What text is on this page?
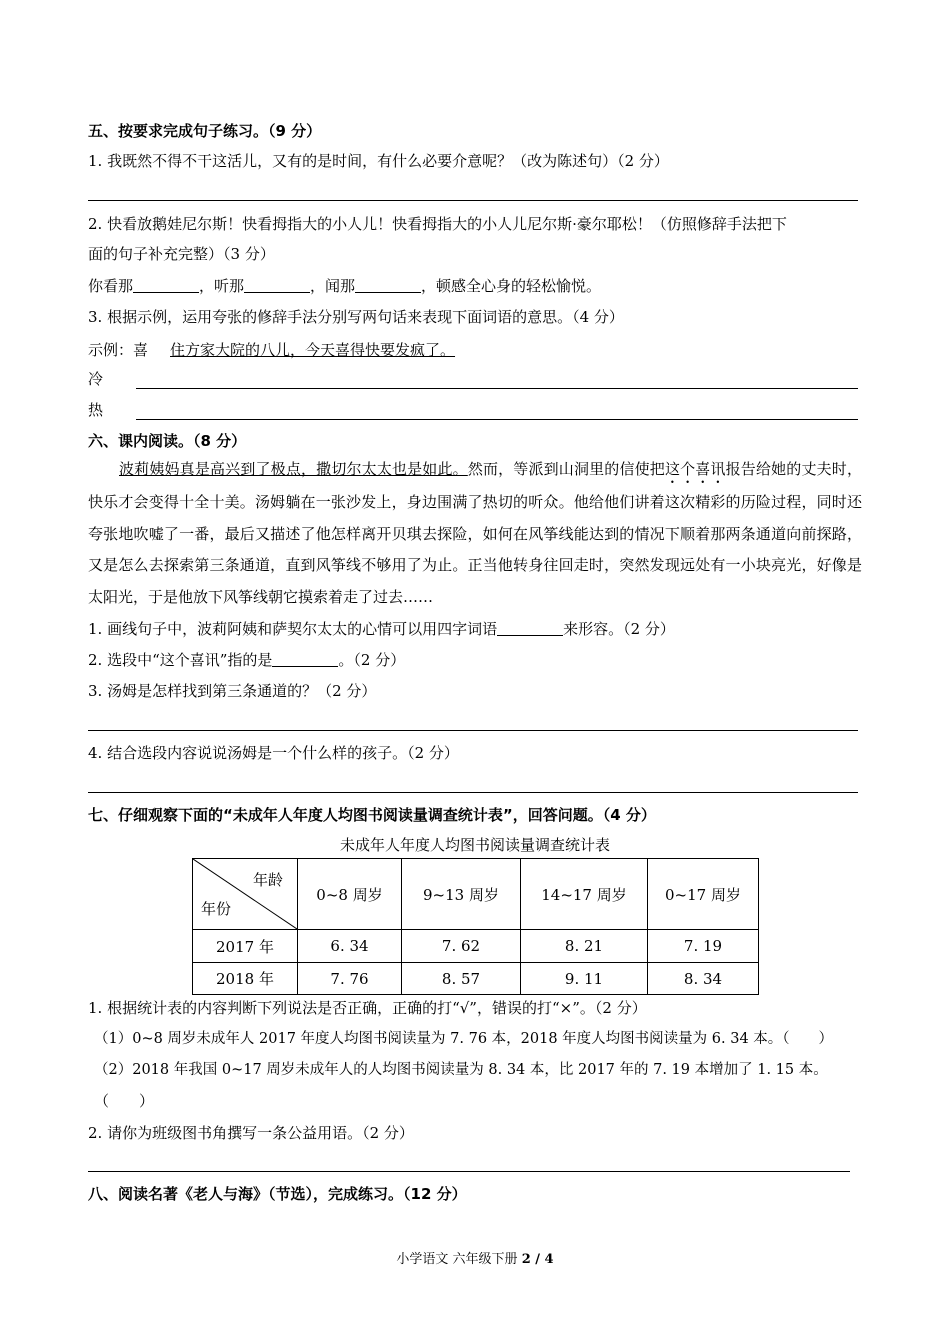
五、按要求完成句子练习。（9 分）
1. 我既然不得不干这活儿，又有的是时间，有什么必要介意呢？（改为陈述句）（2 分）
2. 快看放鹅娃尼尔斯！快看拇指大的小人儿！快看拇指大的小人儿尼尔斯·豪尔耶松！（仿照修辞手法把下
面的句子补充完整）（3 分）
你看那	，听那	，闻那	，顿感全心身的轻松愉悦。
3. 根据示例，运用夸张的修辞手法分别写两句话来表现下面词语的意思。（4 分）
示例：喜 住方家大院的八儿，今天喜得快要发疯了。
冷
热
六、课内阅读。（8 分）
波莉姨妈真是高兴到了极点，撒切尔太太也是如此。然而，等派到山洞里的信使把这个喜讯报告给她的丈夫时，快乐才会变得十全十美。汤姆躺在一张沙发上，身边围满了热切的听众。他给他们讲着这次精彩的历险过程，同时还夸张地吹嘘了一番，最后又描述了他怎样离开贝琪去探险，如何在风筝线能达到的情况下顺着那两条通道向前探路，又是怎么去探索第三条通道，直到风筝线不够用了为止。正当他转身往回走时，突然发现远处有一小块亮光，好像是太阳光，于是他放下风筝线朝它摸索着走了过去……
1. 画线句子中，波莉阿姨和萨契尔太太的心情可以用四字词语	来形容。（2 分）
2. 选段中“这个喜讯”指的是	。（2 分）
3. 汤姆是怎样找到第三条通道的？（2 分）
4. 结合选段内容说说汤姆是一个什么样的孩子。（2 分）
七、仔细观察下面的“未成年人年度人均图书阅读量调查统计表”，回答问题。（4 分）
未成年人年度人均图书阅读量调查统计表
年龄
年份	0~8 周岁	9~13 周岁	14~17 周岁	0~17 周岁
2017 年	6. 34	7. 62	8. 21	7. 19
2018 年	7. 76	8. 57	9. 11	8. 34
1. 根据统计表的内容判断下列说法是否正确，正确的打“√”，错误的打“×”。（2 分）
（1）0~8 周岁未成年人 2017 年度人均图书阅读量为 7. 76 本，2018 年度人均图书阅读量为 6. 34 本。（　　）
（2）2018 年我国 0~17 周岁未成年人的人均图书阅读量为 8. 34 本，比 2017 年的 7. 19 本增加了 1. 15 本。
（　　）
2. 请你为班级图书角撰写一条公益用语。（2 分）
八、阅读名著《老人与海》（节选），完成练习。（12 分）
小学语文 六年级下册 2 / 4
